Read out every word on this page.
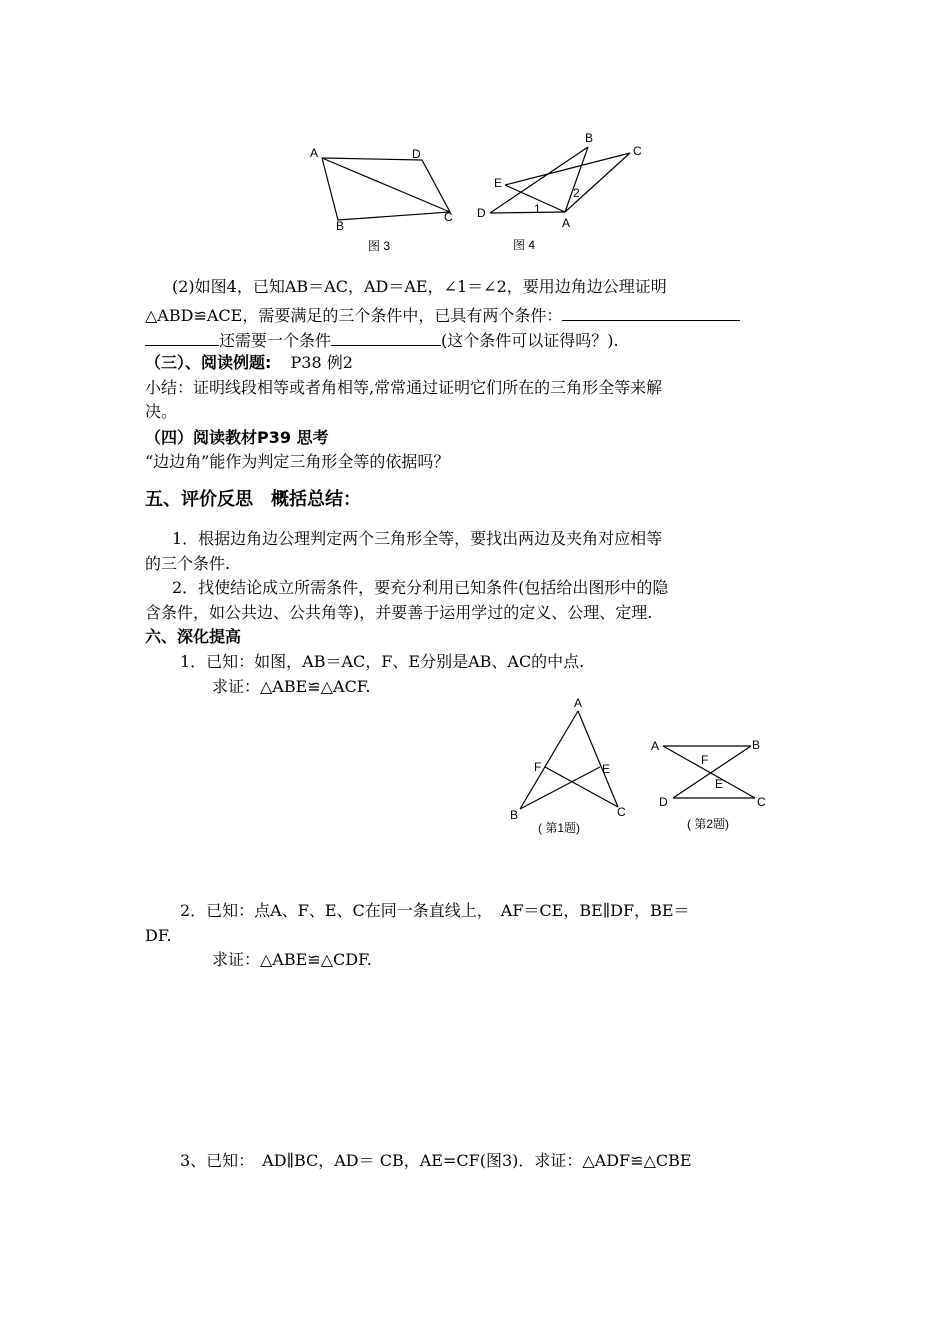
A	D
B
C
图 3
B
C
E
D
A
1
2
图 4
(2)如图4，已知AB＝AC，AD＝AE，∠1＝∠2，要用边角边公理证明
△ABD≌ACE，需要满足的三个条件中，已具有两个条件：
还需要一个条件	(这个条件可以证得吗？).
（三）、阅读例题: P38 例2
小结：证明线段相等或者角相等,常常通过证明它们所在的三角形全等来解
决。
（四）阅读教材P39 思考
“边边角”能作为判定三角形全等的依据吗？
五、评价反思　概括总结：
1．根据边角边公理判定两个三角形全等，要找出两边及夹角对应相等
的三个条件.
2．找使结论成立所需条件，要充分利用已知条件(包括给出图形中的隐
含条件，如公共边、公共角等)，并要善于运用学过的定义、公理、定理.
六、深化提高
1．已知：如图，AB＝AC，F、E分别是AB、AC的中点.
求证：△ABE≌△ACF.
A
F	E
B	C
( 第1题)
A	B
F
E
D	C
( 第2题)
2．已知：点A、F、E、C在同一条直线上，　AF＝CE，BE∥DF，BE＝
DF.
求证：△ABE≌△CDF.
3、已知：　AD∥BC，AD＝ CB，AE=CF(图3)．求证：△ADF≌△CBE
